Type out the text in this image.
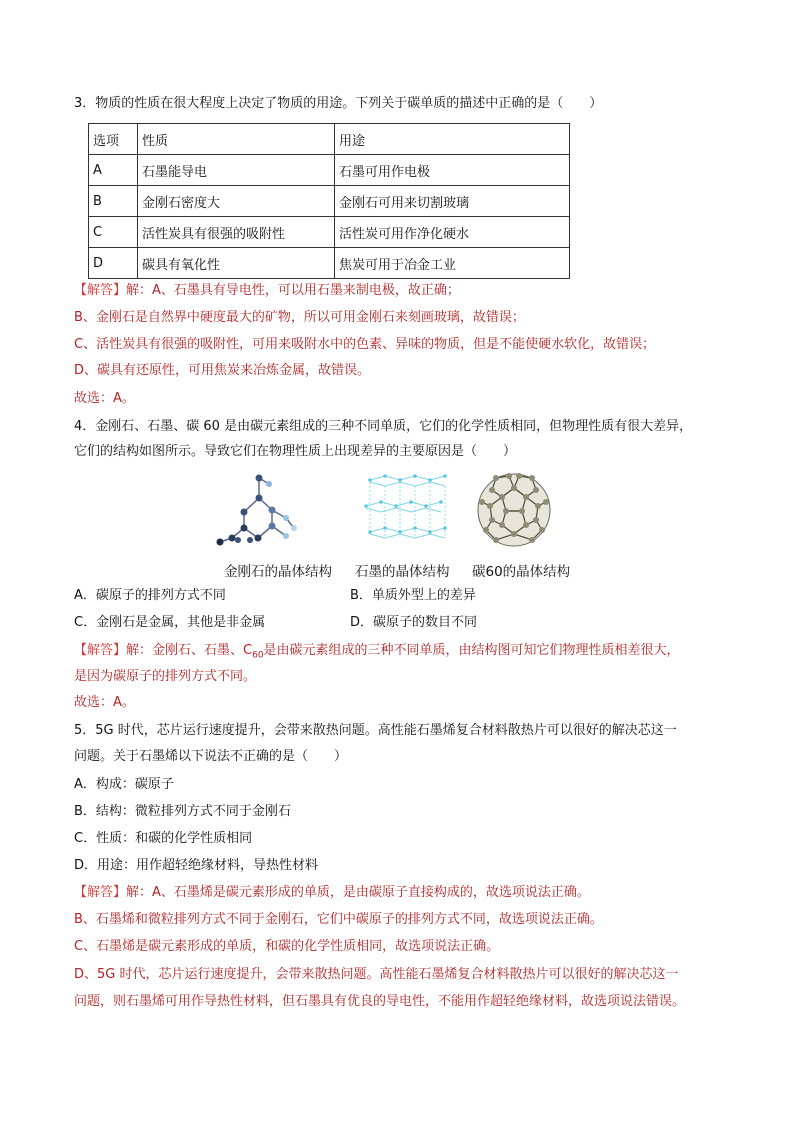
3．物质的性质在很大程度上决定了物质的用途。下列关于碳单质的描述中正确的是（　　）
选项	性质	用途
A	石墨能导电	石墨可用作电极
B	金刚石密度大	金刚石可用来切割玻璃
C	活性炭具有很强的吸附性	活性炭可用作净化硬水
D	碳具有氧化性	焦炭可用于冶金工业
【解答】解：A、石墨具有导电性，可以用石墨来制电极，故正确；
B、金刚石是自然界中硬度最大的矿物，所以可用金刚石来刻画玻璃，故错误；
C、活性炭具有很强的吸附性，可用来吸附水中的色素、异味的物质，但是不能使硬水软化，故错误；
D、碳具有还原性，可用焦炭来冶炼金属，故错误。
故选：A。
4．金刚石、石墨、碳 60 是由碳元素组成的三种不同单质，它们的化学性质相同，但物理性质有很大差异，
它们的结构如图所示。导致它们在物理性质上出现差异的主要原因是（　　）
金刚石的晶体结构 石墨的晶体结构 碳60的晶体结构
A．碳原子的排列方式不同	B．单质外型上的差异
C．金刚石是金属，其他是非金属	D．碳原子的数目不同
【解答】解：金刚石、石墨、$C_{60}$是由碳元素组成的三种不同单质，由结构图可知它们物理性质相差很大，
是因为碳原子的排列方式不同。
故选：A。
5．5G 时代，芯片运行速度提升，会带来散热问题。高性能石墨烯复合材料散热片可以很好的解决芯这一
问题。关于石墨烯以下说法不正确的是（　　）
A．构成：碳原子
B．结构：微粒排列方式不同于金刚石
C．性质：和碳的化学性质相同
D．用途：用作超轻绝缘材料，导热性材料
【解答】解：A、石墨烯是碳元素形成的单质，是由碳原子直接构成的，故选项说法正确。
B、石墨烯和微粒排列方式不同于金刚石，它们中碳原子的排列方式不同，故选项说法正确。
C、石墨烯是碳元素形成的单质，和碳的化学性质相同，故选项说法正确。
D、5G 时代，芯片运行速度提升，会带来散热问题。高性能石墨烯复合材料散热片可以很好的解决芯这一
问题，则石墨烯可用作导热性材料，但石墨具有优良的导电性，不能用作超轻绝缘材料，故选项说法错误。
